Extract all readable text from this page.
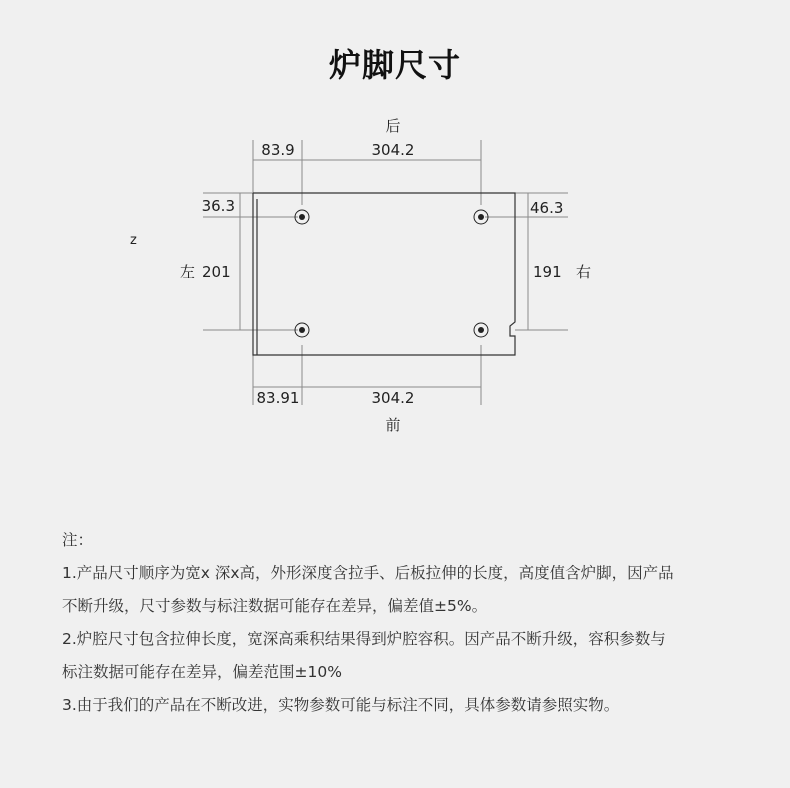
炉脚尺寸
后
前
83.9	304.2
83.91	304.2
36.3	46.3
左 201	191 右
z

注：

1.产品尺寸顺序为宽x 深x高，外形深度含拉手、后板拉伸的长度，高度值含炉脚，因产品

不断升级，尺寸参数与标注数据可能存在差异，偏差值±5%。

2.炉腔尺寸包含拉伸长度，宽深高乘积结果得到炉腔容积。因产品不断升级，容积参数与

标注数据可能存在差异，偏差范围±10%

3.由于我们的产品在不断改进，实物参数可能与标注不同，具体参数请参照实物。
